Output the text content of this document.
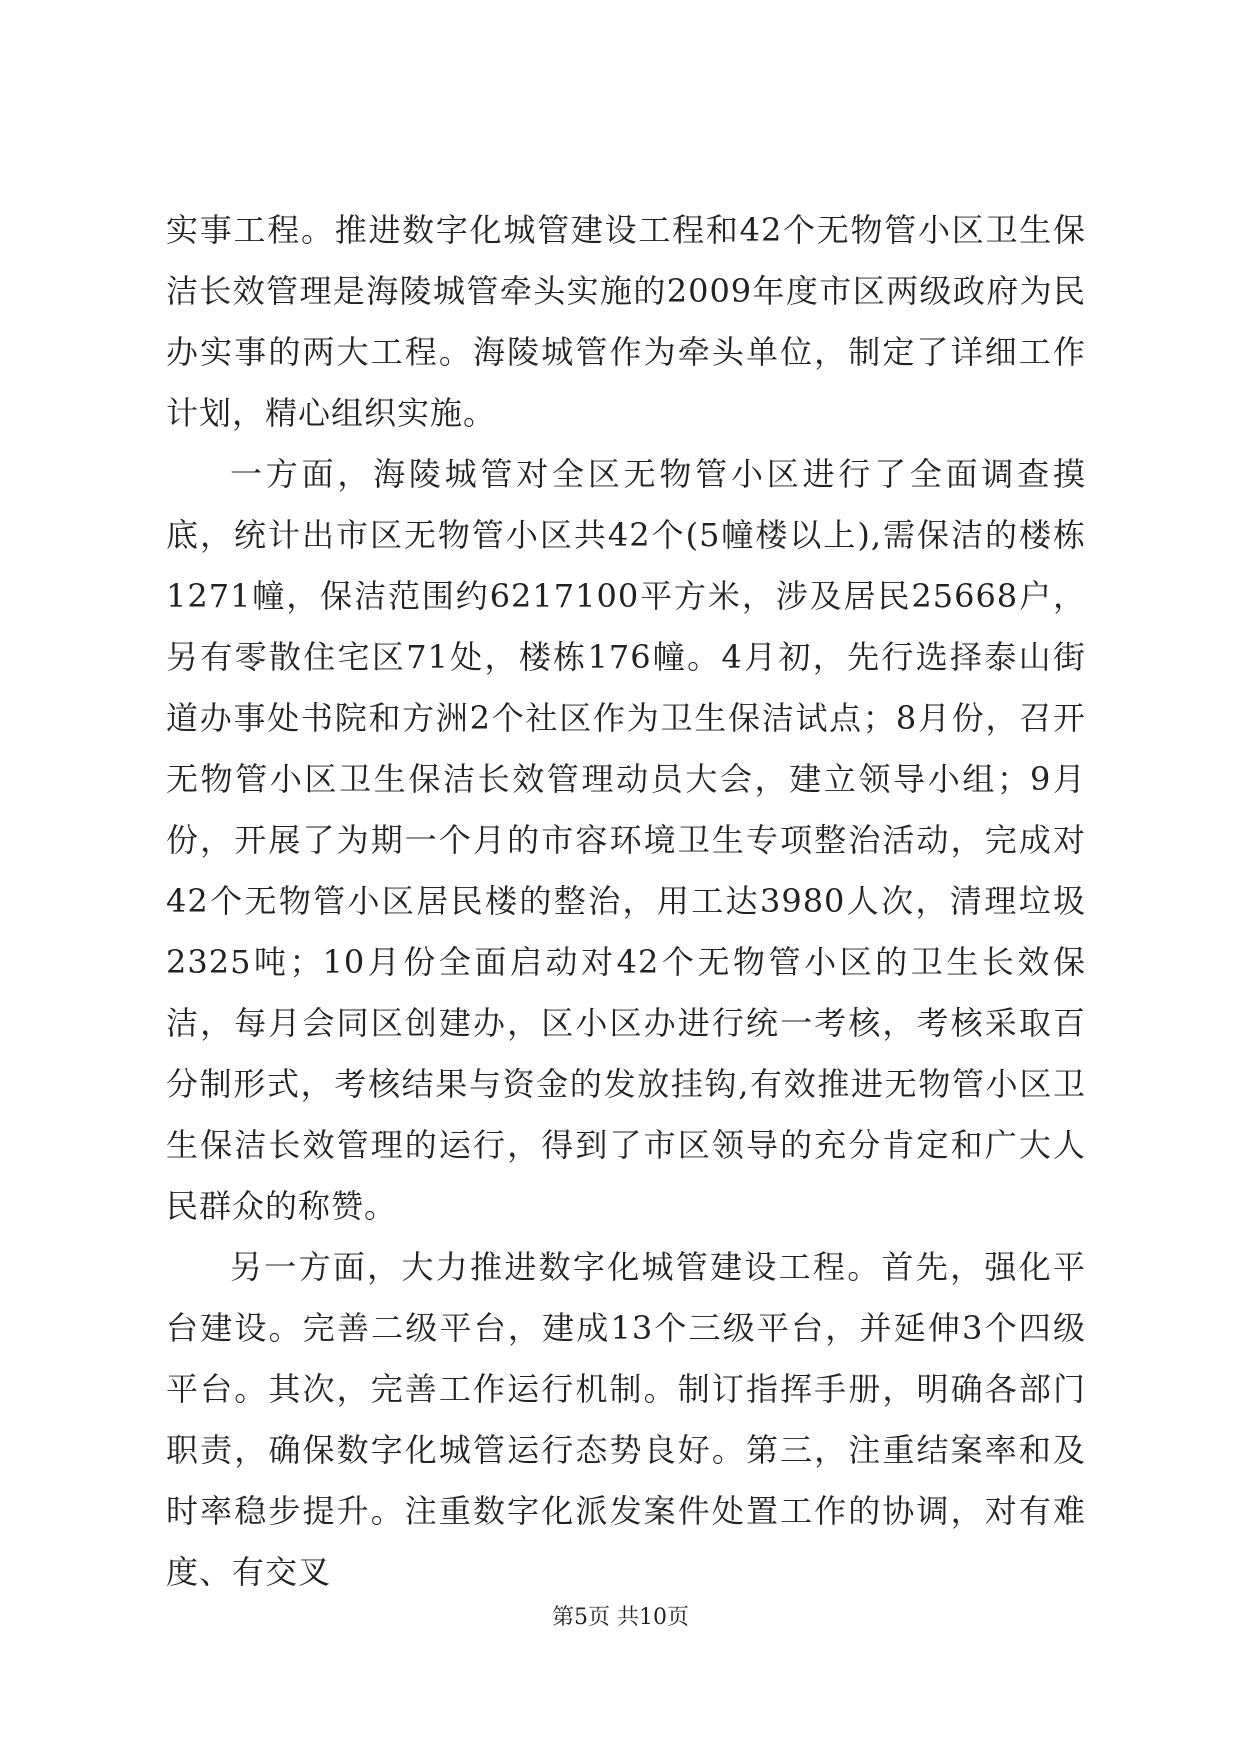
实事工程。推进数字化城管建设工程和42个无物管小区卫生保洁长效管理是海陵城管牵头实施的2009年度市区两级政府为民办实事的两大工程。海陵城管作为牵头单位，制定了详细工作计划，精心组织实施。

一方面，海陵城管对全区无物管小区进行了全面调查摸底，统计出市区无物管小区共42个(5幢楼以上),需保洁的楼栋1271幢，保洁范围约6217100平方米，涉及居民25668户，另有零散住宅区71处，楼栋176幢。4月初，先行选择泰山街道办事处书院和方洲2个社区作为卫生保洁试点；8月份，召开无物管小区卫生保洁长效管理动员大会，建立领导小组；9月份，开展了为期一个月的市容环境卫生专项整治活动，完成对42个无物管小区居民楼的整治，用工达3980人次，清理垃圾2325吨；10月份全面启动对42个无物管小区的卫生长效保洁，每月会同区创建办，区小区办进行统一考核，考核采取百分制形式，考核结果与资金的发放挂钩,有效推进无物管小区卫生保洁长效管理的运行，得到了市区领导的充分肯定和广大人民群众的称赞。

另一方面，大力推进数字化城管建设工程。首先，强化平台建设。完善二级平台，建成13个三级平台，并延伸3个四级平台。其次，完善工作运行机制。制订指挥手册，明确各部门职责，确保数字化城管运行态势良好。第三，注重结案率和及时率稳步提升。注重数字化派发案件处置工作的协调，对有难度、有交叉

第5页 共10页
